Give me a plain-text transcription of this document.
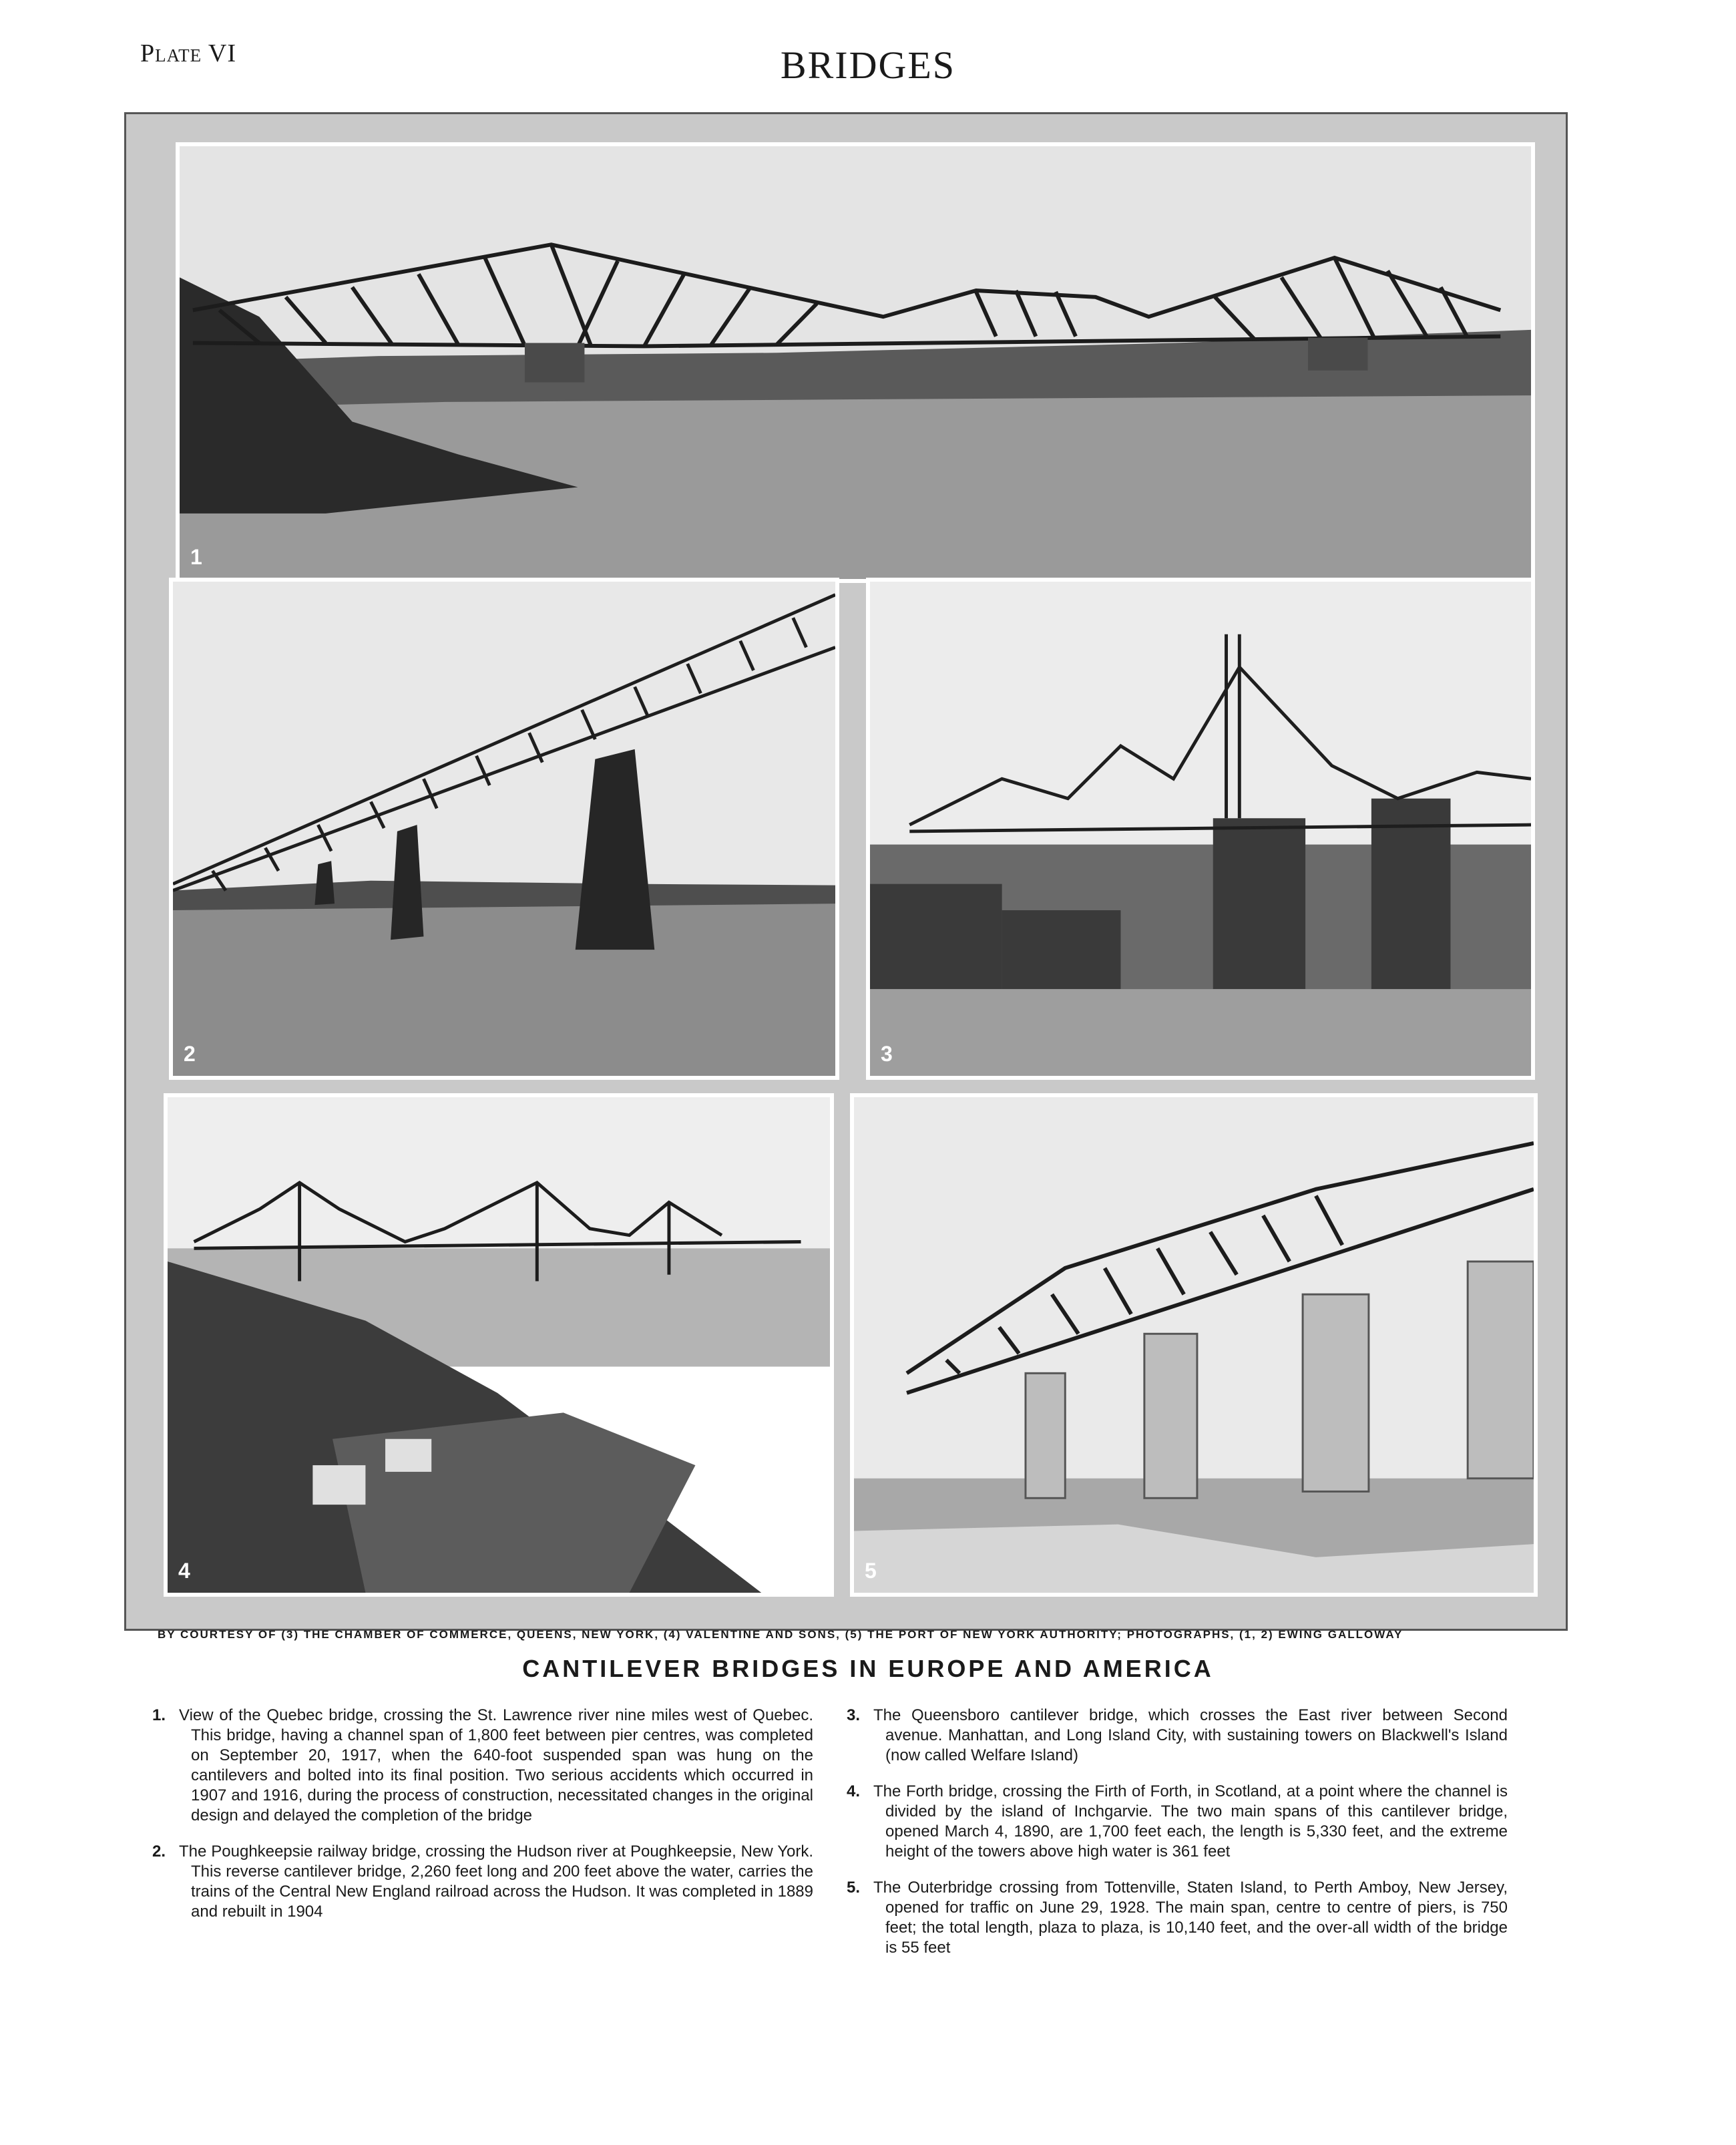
Plate VI	BRIDGES
1
2	3
4	5
BY COURTESY OF (3) THE CHAMBER OF COMMERCE, QUEENS, NEW YORK, (4) VALENTINE AND SONS, (5) THE PORT OF NEW YORK AUTHORITY; PHOTOGRAPHS, (1, 2) EWING GALLOWAY
CANTILEVER BRIDGES IN EUROPE AND AMERICA

1. View of the Quebec bridge, crossing the St. Lawrence river nine miles west of Quebec. This bridge, having a channel span of 1,800 feet between pier centres, was completed on September 20, 1917, when the 640-foot suspended span was hung on the cantilevers and bolted into its final position. Two serious accidents which occurred in 1907 and 1916, during the process of construction, necessitated changes in the original design and delayed the completion of the bridge

2. The Poughkeepsie railway bridge, crossing the Hudson river at Poughkeepsie, New York. This reverse cantilever bridge, 2,260 feet long and 200 feet above the water, carries the trains of the Central New England railroad across the Hudson. It was completed in 1889 and rebuilt in 1904

3. The Queensboro cantilever bridge, which crosses the East river between Second avenue. Manhattan, and Long Island City, with sustaining towers on Blackwell's Island (now called Welfare Island)

4. The Forth bridge, crossing the Firth of Forth, in Scotland, at a point where the channel is divided by the island of Inchgarvie. The two main spans of this cantilever bridge, opened March 4, 1890, are 1,700 feet each, the length is 5,330 feet, and the extreme height of the towers above high water is 361 feet

5. The Outerbridge crossing from Tottenville, Staten Island, to Perth Amboy, New Jersey, opened for traffic on June 29, 1928. The main span, centre to centre of piers, is 750 feet; the total length, plaza to plaza, is 10,140 feet, and the over-all width of the bridge is 55 feet
